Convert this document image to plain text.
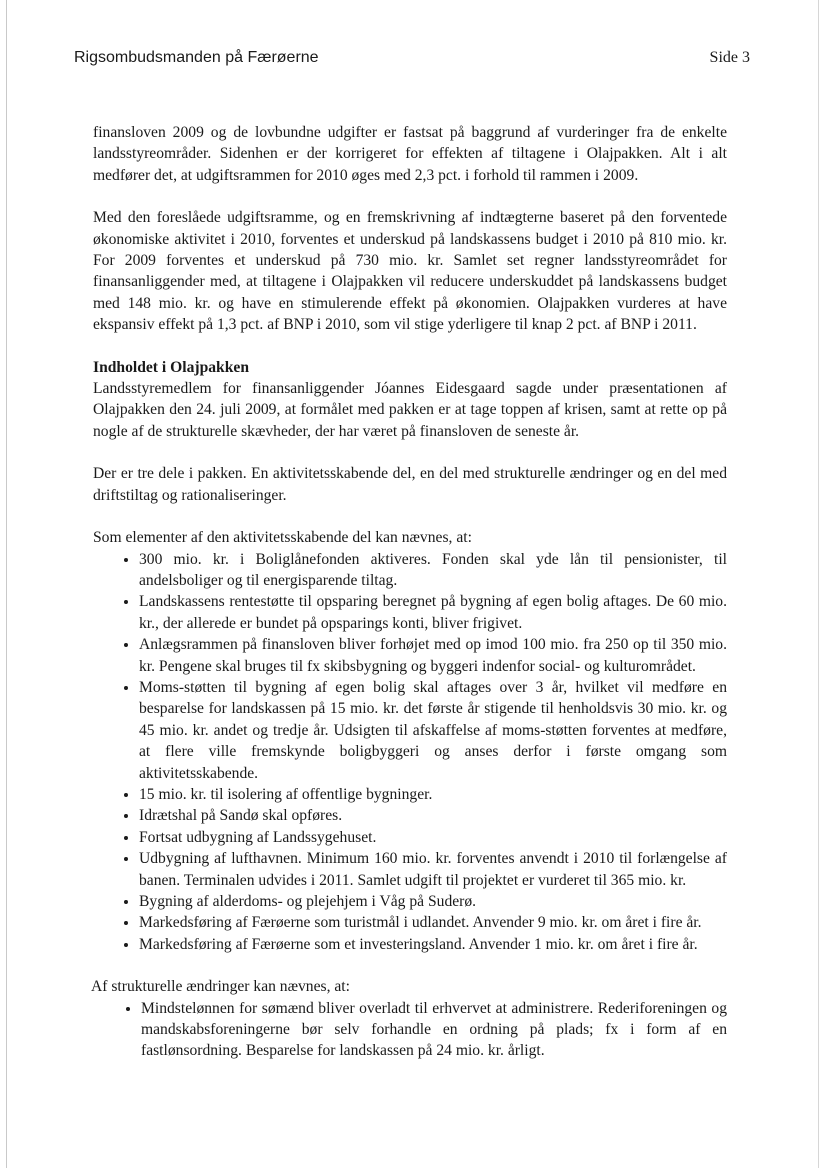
Rigsombudsmanden på Færøerne	Side 3

finansloven 2009 og de lovbundne udgifter er fastsat på baggrund af vurderinger fra de enkelte landsstyreområder. Sidenhen er der korrigeret for effekten af tiltagene i Olajpakken. Alt i alt medfører det, at udgiftsrammen for 2010 øges med 2,3 pct. i forhold til rammen i 2009.

Med den foreslåede udgiftsramme, og en fremskrivning af indtægterne baseret på den forventede økonomiske aktivitet i 2010, forventes et underskud på landskassens budget i 2010 på 810 mio. kr. For 2009 forventes et underskud på 730 mio. kr. Samlet set regner landsstyreområdet for finansanliggender med, at tiltagene i Olajpakken vil reducere underskuddet på landskassens budget med 148 mio. kr. og have en stimulerende effekt på økonomien. Olajpakken vurderes at have ekspansiv effekt på 1,3 pct. af BNP i 2010, som vil stige yderligere til knap 2 pct. af BNP i 2011.

Indholdet i Olajpakken

Landsstyremedlem for finansanliggender Jóannes Eidesgaard sagde under præsentationen af Olajpakken den 24. juli 2009, at formålet med pakken er at tage toppen af krisen, samt at rette op på nogle af de strukturelle skævheder, der har været på finansloven de seneste år.

Der er tre dele i pakken. En aktivitetsskabende del, en del med strukturelle ændringer og en del med driftstiltag og rationaliseringer.

Som elementer af den aktivitetsskabende del kan nævnes, at:

• 300 mio. kr. i Boliglånefonden aktiveres. Fonden skal yde lån til pensionister, til andelsboliger og til energisparende tiltag.
• Landskassens rentestøtte til opsparing beregnet på bygning af egen bolig aftages. De 60 mio. kr., der allerede er bundet på opsparings konti, bliver frigivet.
• Anlægsrammen på finansloven bliver forhøjet med op imod 100 mio. fra 250 op til 350 mio. kr. Pengene skal bruges til fx skibsbygning og byggeri indenfor social- og kulturområdet.
• Moms-støtten til bygning af egen bolig skal aftages over 3 år, hvilket vil medføre en besparelse for landskassen på 15 mio. kr. det første år stigende til henholdsvis 30 mio. kr. og 45 mio. kr. andet og tredje år. Udsigten til afskaffelse af moms-støtten forventes at medføre, at flere ville fremskynde boligbyggeri og anses derfor i første omgang som aktivitetsskabende.
• 15 mio. kr. til isolering af offentlige bygninger.
• Idrætshal på Sandø skal opføres.
• Fortsat udbygning af Landssygehuset.
• Udbygning af lufthavnen. Minimum 160 mio. kr. forventes anvendt i 2010 til forlængelse af banen. Terminalen udvides i 2011. Samlet udgift til projektet er vurderet til 365 mio. kr.
• Bygning af alderdoms- og plejehjem i Våg på Suderø.
• Markedsføring af Færøerne som turistmål i udlandet. Anvender 9 mio. kr. om året i fire år.
• Markedsføring af Færøerne som et investeringsland. Anvender 1 mio. kr. om året i fire år.

Af strukturelle ændringer kan nævnes, at:

• Mindstelønnen for sømænd bliver overladt til erhvervet at administrere. Rederiforeningen og mandskabsforeningerne bør selv forhandle en ordning på plads; fx i form af en fastlønsordning. Besparelse for landskassen på 24 mio. kr. årligt.
